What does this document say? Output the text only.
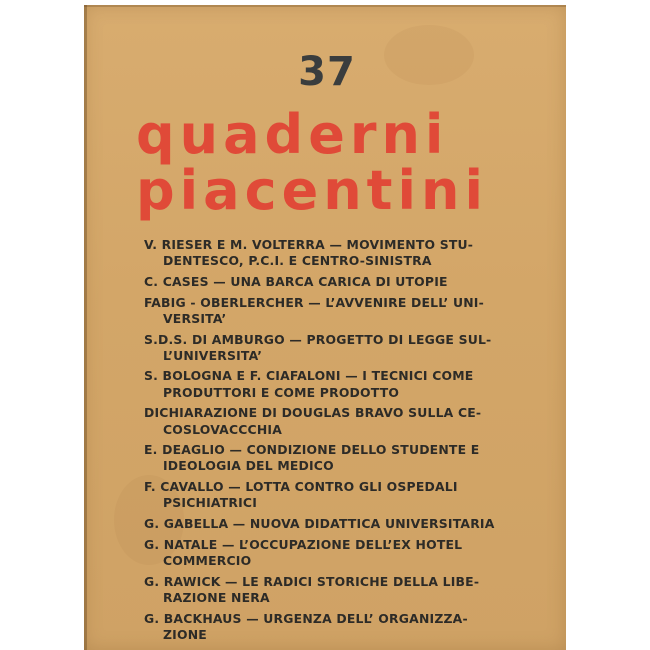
37
quaderni
piacentini
V. RIESER E M. VOLTERRA — MOVIMENTO STU-
DENTESCO, P.C.I. E CENTRO-SINISTRA
C. CASES — UNA BARCA CARICA DI UTOPIE
FABIG - OBERLERCHER — L’AVVENIRE DELL’ UNI-
VERSITA’
S.D.S. DI AMBURGO — PROGETTO DI LEGGE SUL-
L’UNIVERSITA’
S. BOLOGNA E F. CIAFALONI — I TECNICI COME
PRODUTTORI E COME PRODOTTO
DICHIARAZIONE DI DOUGLAS BRAVO SULLA CE-
COSLOVACCCHIA
E. DEAGLIO — CONDIZIONE DELLO STUDENTE E
IDEOLOGIA DEL MEDICO
F. CAVALLO — LOTTA CONTRO GLI OSPEDALI
PSICHIATRICI
G. GABELLA — NUOVA DIDATTICA UNIVERSITARIA
G. NATALE — L’OCCUPAZIONE DELL’EX HOTEL
COMMERCIO
G. RAWICK — LE RADICI STORICHE DELLA LIBE-
RAZIONE NERA
G. BACKHAUS — URGENZA DELL’ ORGANIZZA-
ZIONE
